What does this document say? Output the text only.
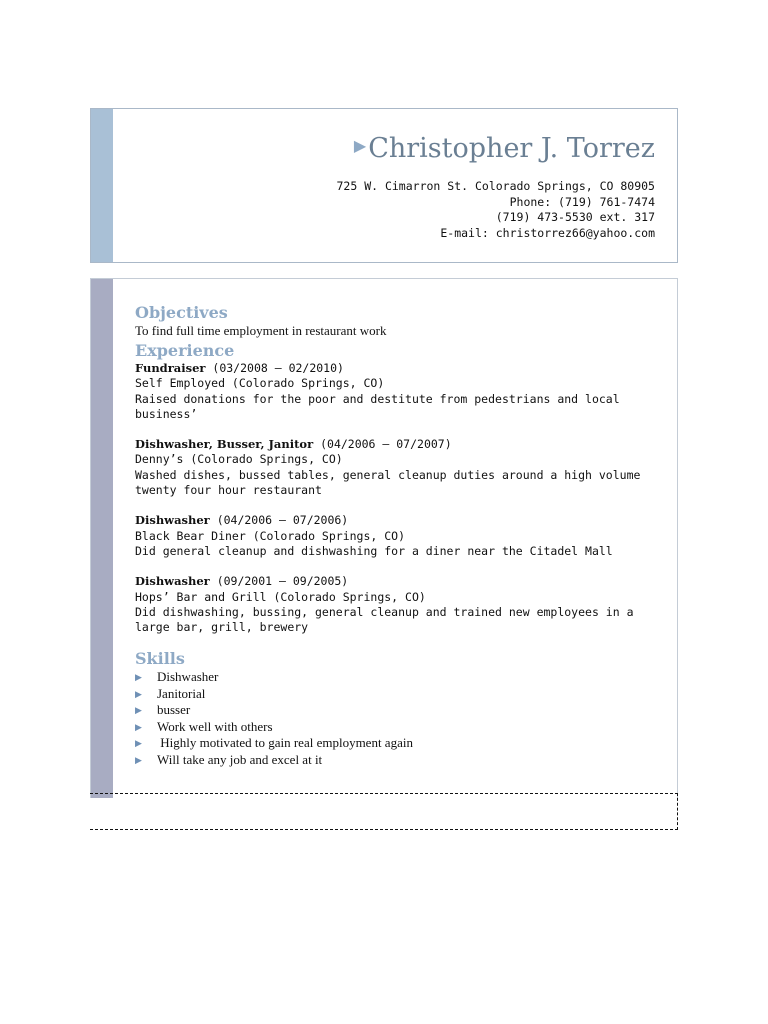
▶Christopher J. Torrez
725 W. Cimarron St. Colorado Springs, CO 80905
Phone: (719) 761-7474
(719) 473-5530 ext. 317
E-mail: christorrez66@yahoo.com
Objectives
To find full time employment in restaurant work
Experience
Fundraiser (03/2008 – 02/2010)
Self Employed (Colorado Springs, CO)
Raised donations for the poor and destitute from pedestrians and local business’
Dishwasher, Busser, Janitor (04/2006 – 07/2007)
Denny’s (Colorado Springs, CO)
Washed dishes, bussed tables, general cleanup duties around a high volume twenty four hour restaurant
Dishwasher (04/2006 – 07/2006)
Black Bear Diner (Colorado Springs, CO)
Did general cleanup and dishwashing for a diner near the Citadel Mall
Dishwasher (09/2001 – 09/2005)
Hops’ Bar and Grill (Colorado Springs, CO)
Did dishwashing, bussing, general cleanup and trained new employees in a large bar, grill, brewery
Skills
▶ Dishwasher
▶ Janitorial
▶ busser
▶ Work well with others
▶ Highly motivated to gain real employment again
▶ Will take any job and excel at it
